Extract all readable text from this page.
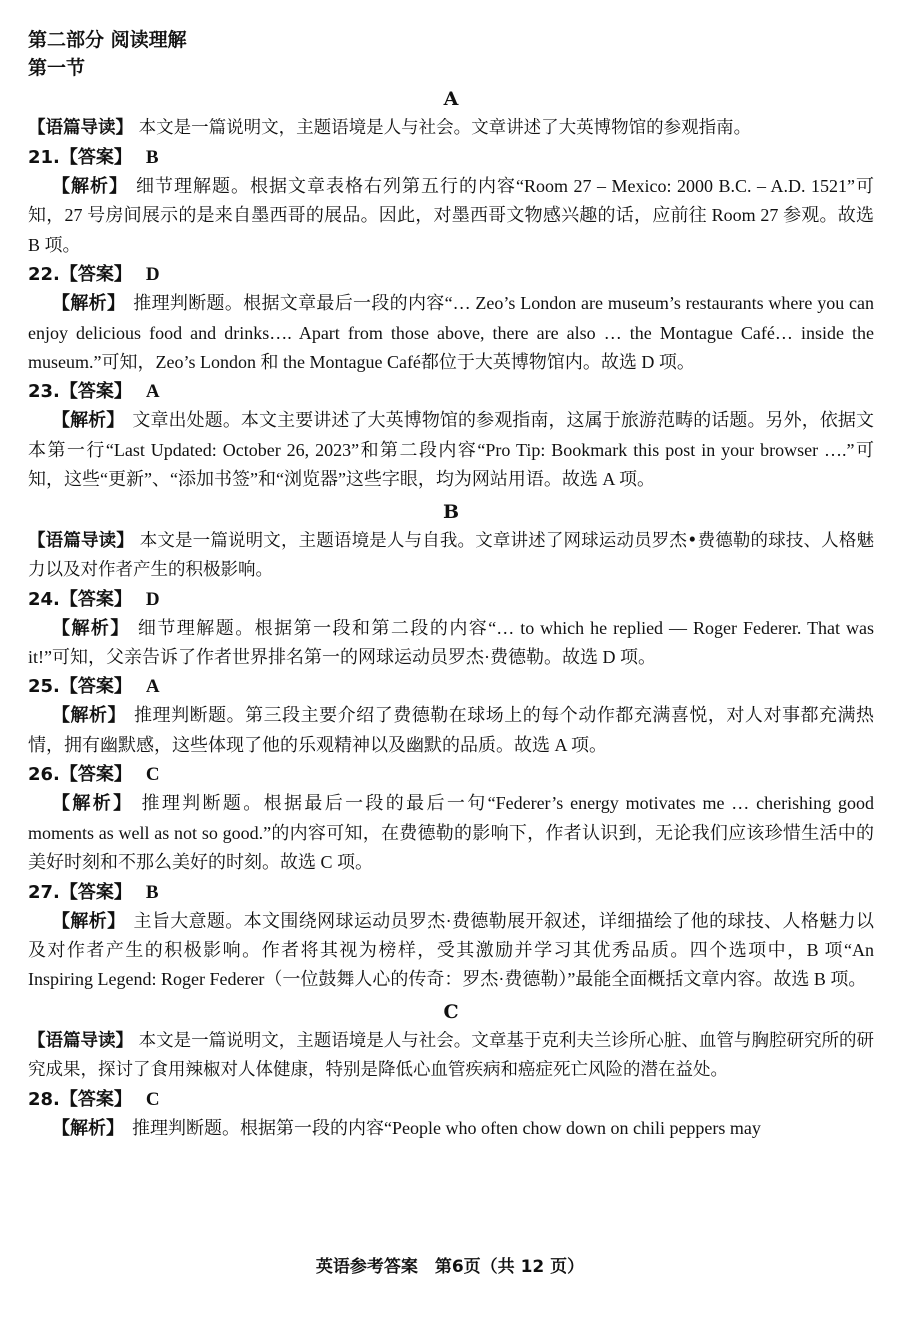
第二部分 阅读理解
第一节
A
【语篇导读】 本文是一篇说明文，主题语境是人与社会。文章讲述了大英博物馆的参观指南。
21.【答案】 B
【解析】 细节理解题。根据文章表格右列第五行的内容“Room 27 – Mexico: 2000 B.C. – A.D. 1521”可知，27 号房间展示的是来自墨西哥的展品。因此，对墨西哥文物感兴趣的话，应前往 Room 27 参观。故选 B 项。
22.【答案】 D
【解析】 推理判断题。根据文章最后一段的内容“… Zeo’s London are museum’s restaurants where you can enjoy delicious food and drinks…. Apart from those above, there are also … the Montague Café… inside the museum.”可知，Zeo’s London 和 the Montague Café都位于大英博物馆内。故选 D 项。
23.【答案】 A
【解析】 文章出处题。本文主要讲述了大英博物馆的参观指南，这属于旅游范畴的话题。另外，依据文本第一行“Last Updated: October 26, 2023”和第二段内容“Pro Tip: Bookmark this post in your browser ….”可知，这些“更新”、“添加书签”和“浏览器”这些字眼，均为网站用语。故选 A 项。
B
【语篇导读】 本文是一篇说明文，主题语境是人与自我。文章讲述了网球运动员罗杰•费德勒的球技、人格魅力以及对作者产生的积极影响。
24.【答案】 D
【解析】 细节理解题。根据第一段和第二段的内容“… to which he replied — Roger Federer. That was it!”可知，父亲告诉了作者世界排名第一的网球运动员罗杰·费德勒。故选 D 项。
25.【答案】 A
【解析】 推理判断题。第三段主要介绍了费德勒在球场上的每个动作都充满喜悦，对人对事都充满热情，拥有幽默感，这些体现了他的乐观精神以及幽默的品质。故选 A 项。
26.【答案】 C
【解析】 推理判断题。根据最后一段的最后一句“Federer’s energy motivates me … cherishing good moments as well as not so good.”的内容可知，在费德勒的影响下，作者认识到，无论我们应该珍惜生活中的美好时刻和不那么美好的时刻。故选 C 项。
27.【答案】 B
【解析】 主旨大意题。本文围绕网球运动员罗杰·费德勒展开叙述，详细描绘了他的球技、人格魅力以及对作者产生的积极影响。作者将其视为榜样，受其激励并学习其优秀品质。四个选项中，B 项“An Inspiring Legend: Roger Federer（一位鼓舞人心的传奇：罗杰·费德勒）”最能全面概括文章内容。故选 B 项。
C
【语篇导读】 本文是一篇说明文，主题语境是人与社会。文章基于克利夫兰诊所心脏、血管与胸腔研究所的研究成果，探讨了食用辣椒对人体健康，特别是降低心血管疾病和癌症死亡风险的潜在益处。
28.【答案】 C
【解析】 推理判断题。根据第一段的内容“People who often chow down on chili peppers may
英语参考答案　第6页（共 12 页）
